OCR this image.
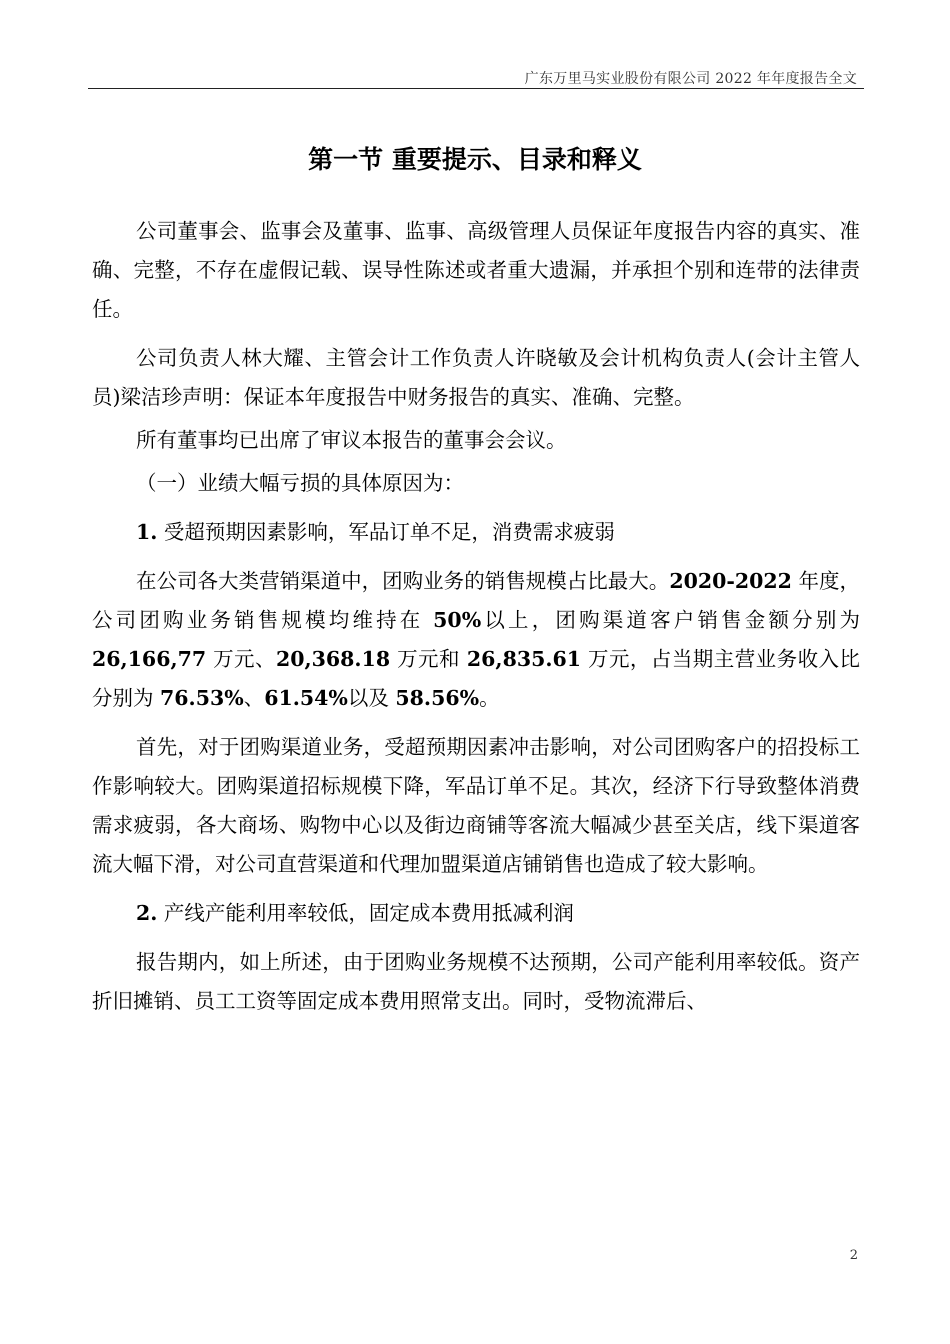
广东万里马实业股份有限公司 2022 年年度报告全文
第一节 重要提示、目录和释义

公司董事会、监事会及董事、监事、高级管理人员保证年度报告内容的真实、准确、完整，不存在虚假记载、误导性陈述或者重大遗漏，并承担个别和连带的法律责任。

公司负责人林大耀、主管会计工作负责人许晓敏及会计机构负责人(会计主管人员)梁洁珍声明：保证本年度报告中财务报告的真实、准确、完整。

所有董事均已出席了审议本报告的董事会会议。

（一）业绩大幅亏损的具体原因为：

1. 受超预期因素影响，军品订单不足，消费需求疲弱

在公司各大类营销渠道中，团购业务的销售规模占比最大。2020-2022 年度，公司团购业务销售规模均维持在 50%以上，团购渠道客户销售金额分别为 26,166,77 万元、20,368.18 万元和 26,835.61 万元，占当期主营业务收入比分别为 76.53%、61.54%以及 58.56%。

首先，对于团购渠道业务，受超预期因素冲击影响，对公司团购客户的招投标工作影响较大。团购渠道招标规模下降，军品订单不足。其次，经济下行导致整体消费需求疲弱，各大商场、购物中心以及街边商铺等客流大幅减少甚至关店，线下渠道客流大幅下滑，对公司直营渠道和代理加盟渠道店铺销售也造成了较大影响。

2. 产线产能利用率较低，固定成本费用抵减利润

报告期内，如上所述，由于团购业务规模不达预期，公司产能利用率较低。资产折旧摊销、员工工资等固定成本费用照常支出。同时，受物流滞后、

2
